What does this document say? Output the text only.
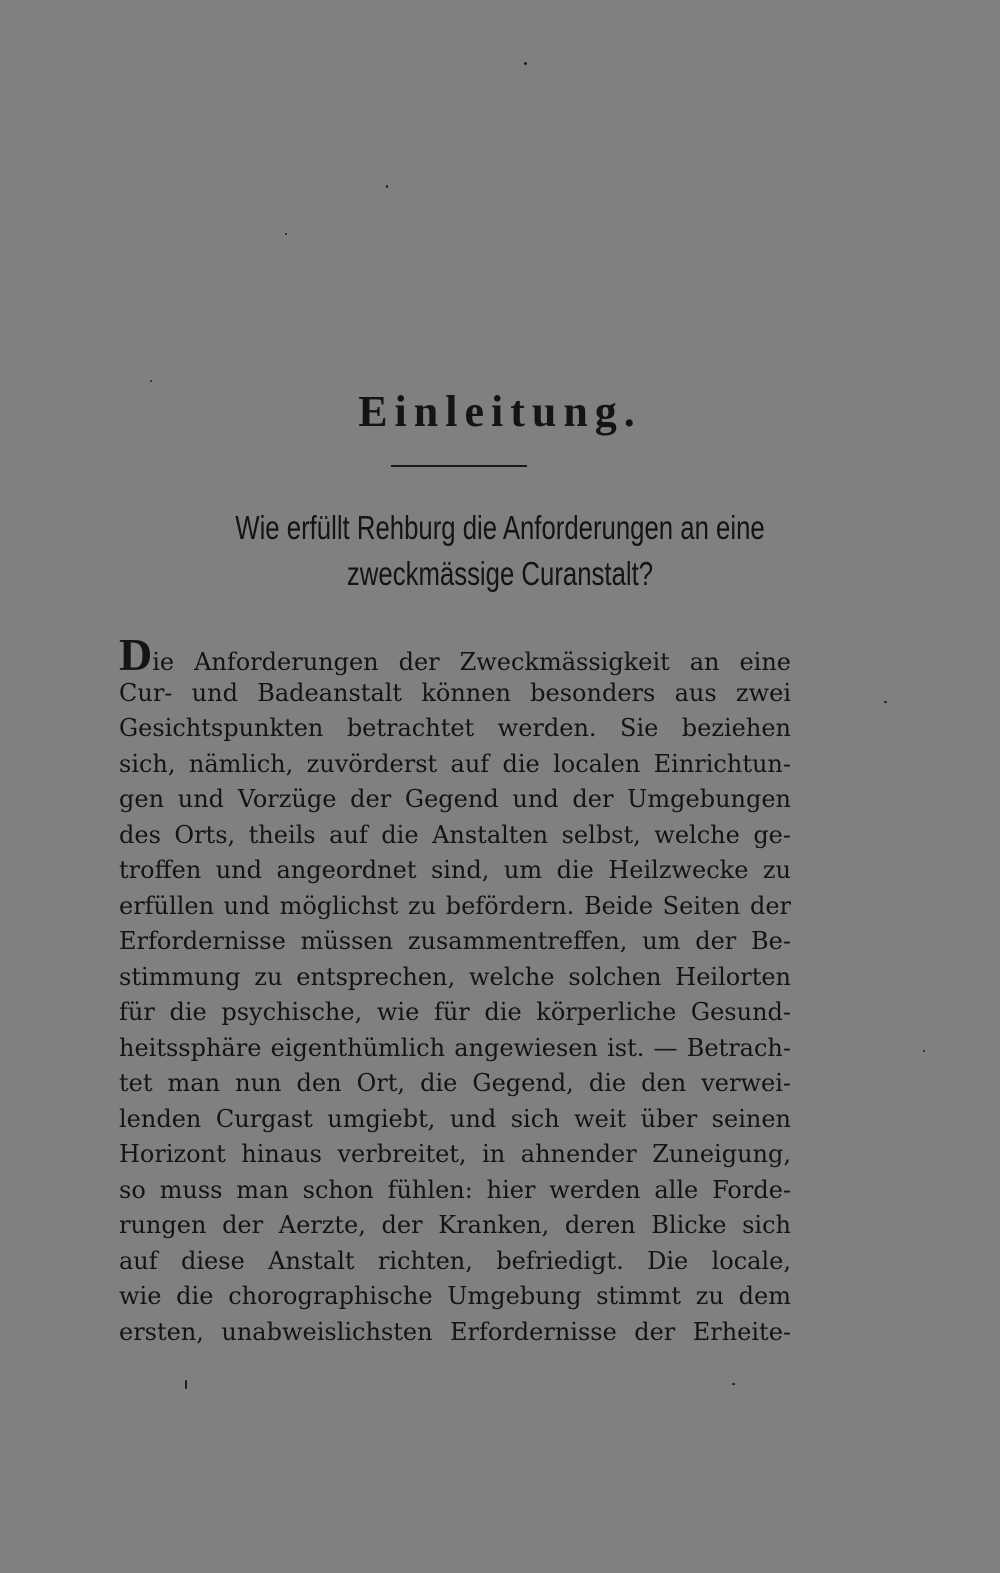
Einleitung.
Wie erfüllt Rehburg die Anforderungen an eine
zweckmässige Curanstalt?
Die Anforderungen der Zweckmässigkeit an eine
Cur- und Badeanstalt können besonders aus zwei
Gesichtspunkten betrachtet werden. Sie beziehen
sich, nämlich, zuvörderst auf die localen Einrichtun-
gen und Vorzüge der Gegend und der Umgebungen
des Orts, theils auf die Anstalten selbst, welche ge-
troffen und angeordnet sind, um die Heilzwecke zu
erfüllen und möglichst zu befördern. Beide Seiten der
Erfordernisse müssen zusammentreffen, um der Be-
stimmung zu entsprechen, welche solchen Heilorten
für die psychische, wie für die körperliche Gesund-
heitssphäre eigenthümlich angewiesen ist. — Betrach-
tet man nun den Ort, die Gegend, die den verwei-
lenden Curgast umgiebt, und sich weit über seinen
Horizont hinaus verbreitet, in ahnender Zuneigung,
so muss man schon fühlen: hier werden alle Forde-
rungen der Aerzte, der Kranken, deren Blicke sich
auf diese Anstalt richten, befriedigt. Die locale,
wie die chorographische Umgebung stimmt zu dem
ersten, unabweislichsten Erfordernisse der Erheite-
